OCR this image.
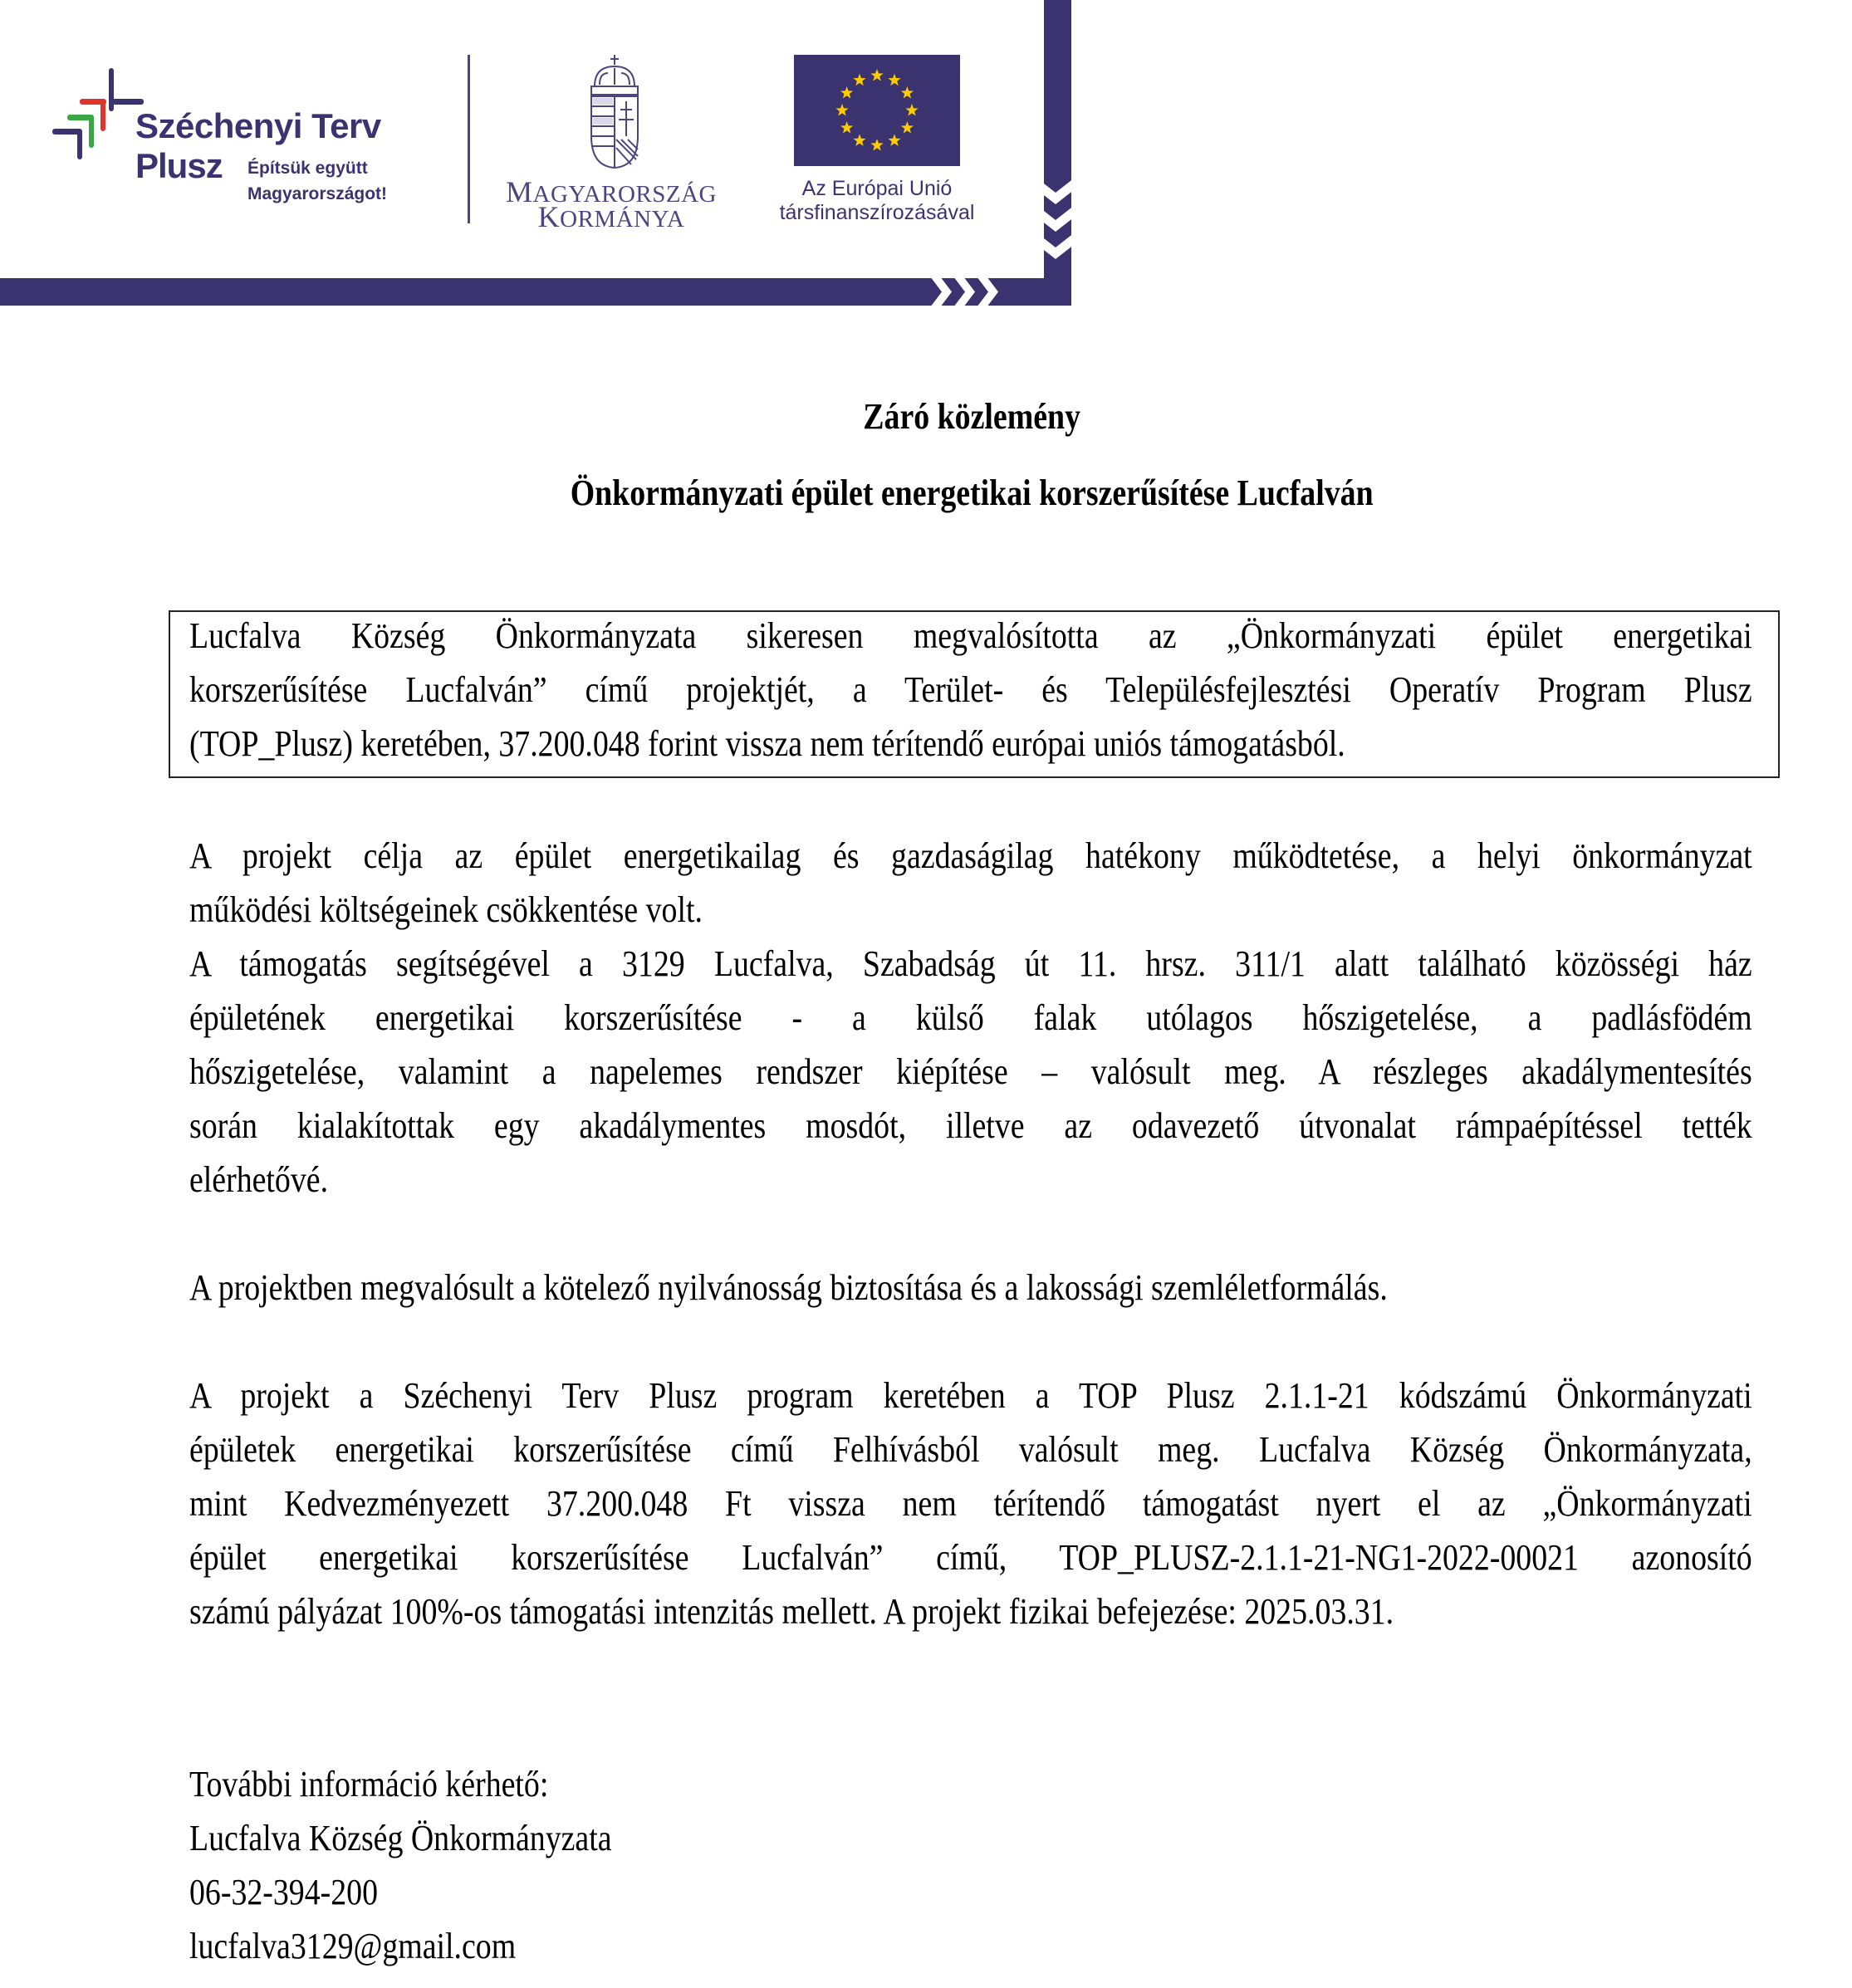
Széchenyi Terv
Plusz Építsük együtt
Magyarországot!	MAGYARORSZÁG
KORMÁNYA
Az Európai Unió
társfinanszírozásával
Záró közlemény
Önkormányzati épület energetikai korszerűsítése Lucfalván
Lucfalva Község Önkormányzata sikeresen megvalósította az „Önkormányzati épület energetikai
korszerűsítése Lucfalván” című projektjét, a Terület- és Településfejlesztési Operatív Program Plusz
(TOP_Plusz) keretében, 37.200.048 forint vissza nem térítendő európai uniós támogatásból.
A projekt célja az épület energetikailag és gazdaságilag hatékony működtetése, a helyi önkormányzat
működési költségeinek csökkentése volt.
A támogatás segítségével a 3129 Lucfalva, Szabadság út 11. hrsz. 311/1 alatt található közösségi ház
épületének energetikai korszerűsítése - a külső falak utólagos hőszigetelése, a padlásfödém
hőszigetelése, valamint a napelemes rendszer kiépítése – valósult meg. A részleges akadálymentesítés
során kialakítottak egy akadálymentes mosdót, illetve az odavezető útvonalat rámpaépítéssel tették
elérhetővé.
A projektben megvalósult a kötelező nyilvánosság biztosítása és a lakossági szemléletformálás.
A projekt a Széchenyi Terv Plusz program keretében a TOP Plusz 2.1.1-21 kódszámú Önkormányzati
épületek energetikai korszerűsítése című Felhívásból valósult meg. Lucfalva Község Önkormányzata,
mint Kedvezményezett 37.200.048 Ft vissza nem térítendő támogatást nyert el az „Önkormányzati
épület energetikai korszerűsítése Lucfalván” című, TOP_PLUSZ-2.1.1-21-NG1-2022-00021 azonosító
számú pályázat 100%-os támogatási intenzitás mellett. A projekt fizikai befejezése: 2025.03.31.
További információ kérhető:
Lucfalva Község Önkormányzata
06-32-394-200
lucfalva3129@gmail.com
